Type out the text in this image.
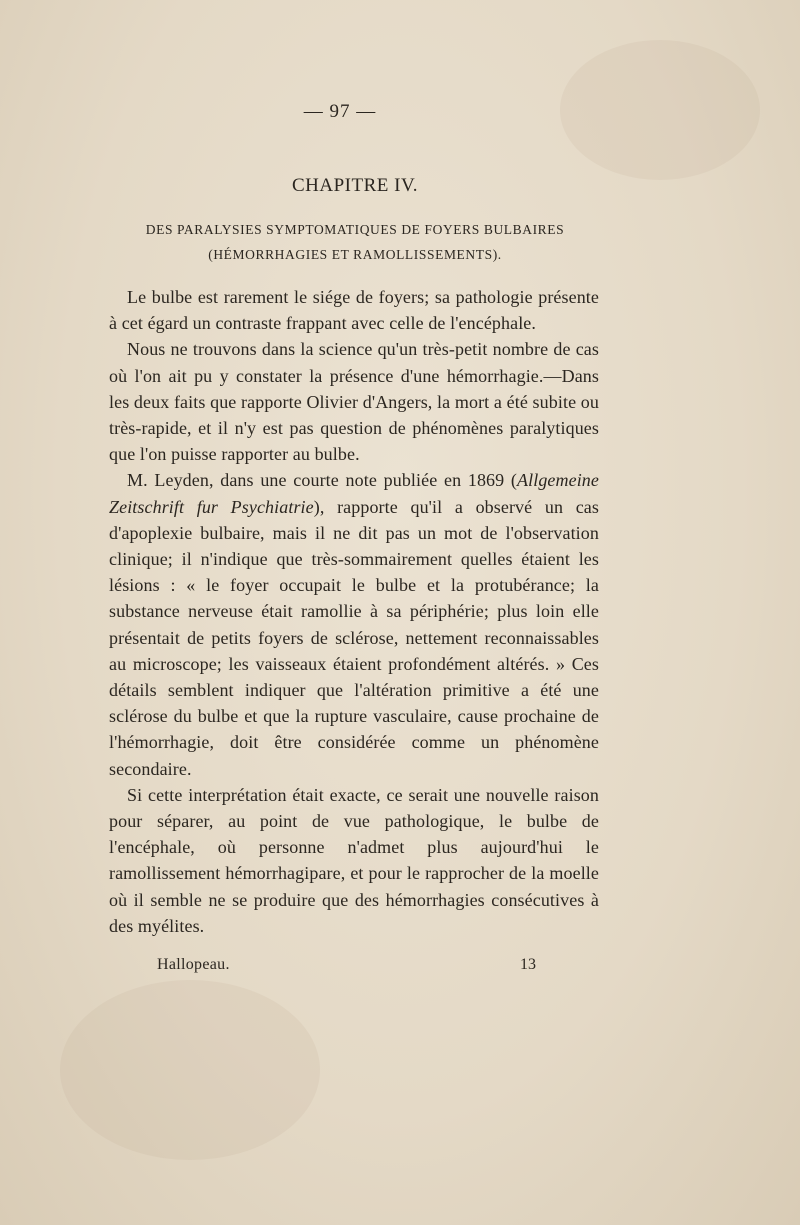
— 97 —
CHAPITRE IV.
DES PARALYSIES SYMPTOMATIQUES DE FOYERS BULBAIRES
(HÉMORRHAGIES ET RAMOLLISSEMENTS).

Le bulbe est rarement le siége de foyers; sa pathologie présente à cet égard un contraste frappant avec celle de l'encéphale.

Nous ne trouvons dans la science qu'un très-petit nombre de cas où l'on ait pu y constater la présence d'une hémorrhagie.—Dans les deux faits que rapporte Olivier d'Angers, la mort a été subite ou très-rapide, et il n'y est pas question de phénomènes paralytiques que l'on puisse rapporter au bulbe.

M. Leyden, dans une courte note publiée en 1869 (Allgemeine Zeitschrift fur Psychiatrie), rapporte qu'il a observé un cas d'apoplexie bulbaire, mais il ne dit pas un mot de l'observation clinique; il n'indique que très-sommairement quelles étaient les lésions : « le foyer occupait le bulbe et la protubérance; la substance nerveuse était ramollie à sa périphérie; plus loin elle présentait de petits foyers de sclérose, nettement reconnaissables au microscope; les vaisseaux étaient profondément altérés. » Ces détails semblent indiquer que l'altération primitive a été une sclérose du bulbe et que la rupture vasculaire, cause prochaine de l'hémorrhagie, doit être considérée comme un phénomène secondaire.

Si cette interprétation était exacte, ce serait une nouvelle raison pour séparer, au point de vue pathologique, le bulbe de l'encéphale, où personne n'admet plus aujourd'hui le ramollissement hémorrhagipare, et pour le rapprocher de la moelle où il semble ne se produire que des hémorrhagies consécutives à des myélites.

Hallopeau.	13
